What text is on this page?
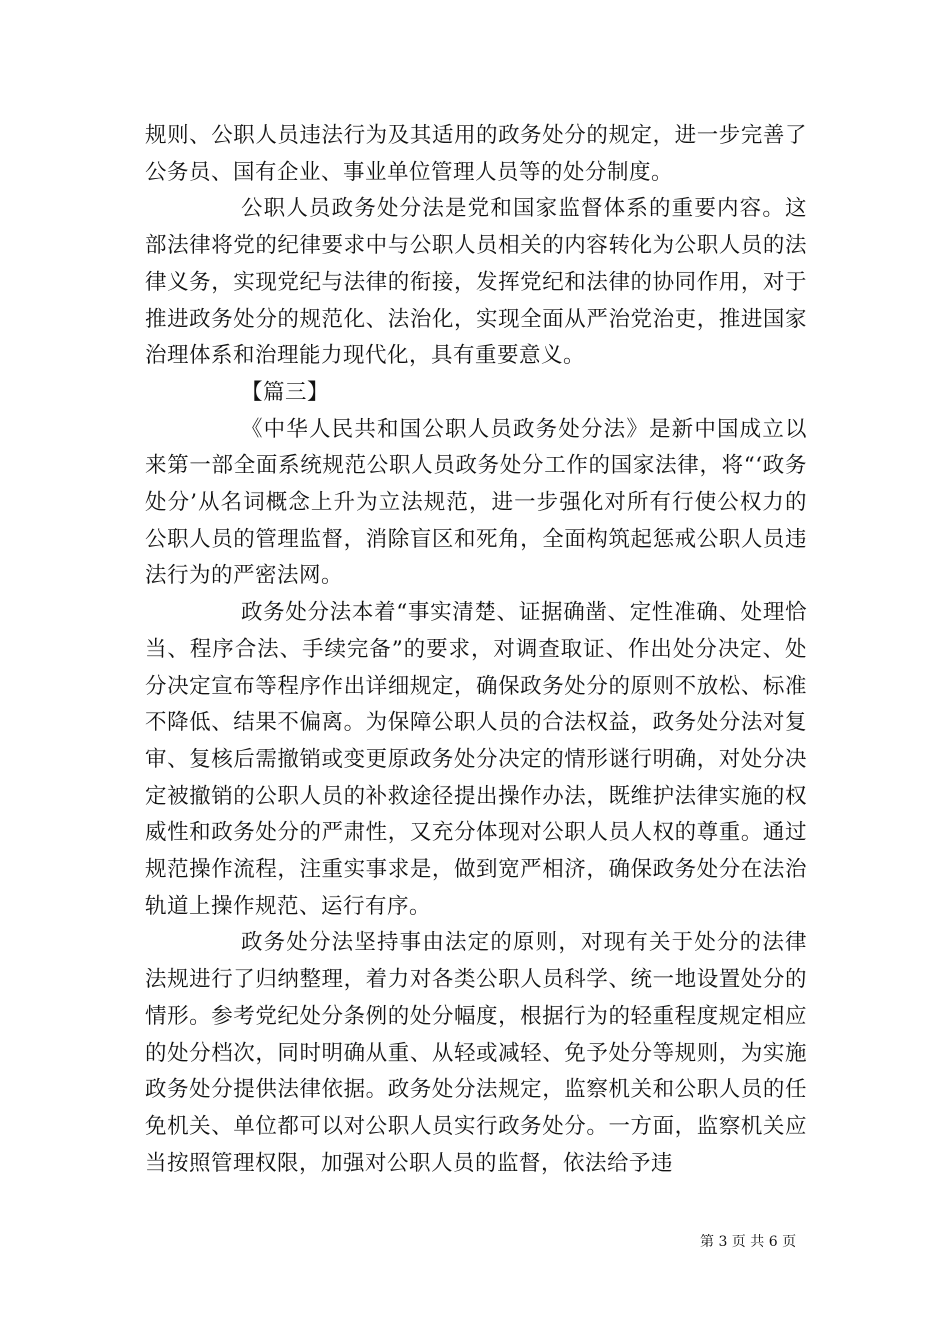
规则、公职人员违法行为及其适用的政务处分的规定，进一步完善了公务员、国有企业、事业单位管理人员等的处分制度。

公职人员政务处分法是党和国家监督体系的重要内容。这部法律将党的纪律要求中与公职人员相关的内容转化为公职人员的法律义务，实现党纪与法律的衔接，发挥党纪和法律的协同作用，对于推进政务处分的规范化、法治化，实现全面从严治党治吏，推进国家治理体系和治理能力现代化，具有重要意义。

【篇三】

《中华人民共和国公职人员政务处分法》是新中国成立以来第一部全面系统规范公职人员政务处分工作的国家法律，将“‘政务处分’从名词概念上升为立法规范，进一步强化对所有行使公权力的公职人员的管理监督，消除盲区和死角，全面构筑起惩戒公职人员违法行为的严密法网。

政务处分法本着“事实清楚、证据确凿、定性准确、处理恰当、程序合法、手续完备”的要求，对调查取证、作出处分决定、处分决定宣布等程序作出详细规定，确保政务处分的原则不放松、标准不降低、结果不偏离。为保障公职人员的合法权益，政务处分法对复审、复核后需撤销或变更原政务处分决定的情形谜行明确，对处分决定被撤销的公职人员的补救途径提出操作办法，既维护法律实施的权威性和政务处分的严肃性，又充分体现对公职人员人权的尊重。通过规范操作流程，注重实事求是，做到宽严相济，确保政务处分在法治轨道上操作规范、运行有序。

政务处分法坚持事由法定的原则，对现有关于处分的法律法规进行了归纳整理，着力对各类公职人员科学、统一地设置处分的情形。参考党纪处分条例的处分幅度，根据行为的轻重程度规定相应的处分档次，同时明确从重、从轻或减轻、免予处分等规则，为实施政务处分提供法律依据。政务处分法规定，监察机关和公职人员的任免机关、单位都可以对公职人员实行政务处分。一方面，监察机关应当按照管理权限，加强对公职人员的监督，依法给予违

第 3 页 共 6 页
